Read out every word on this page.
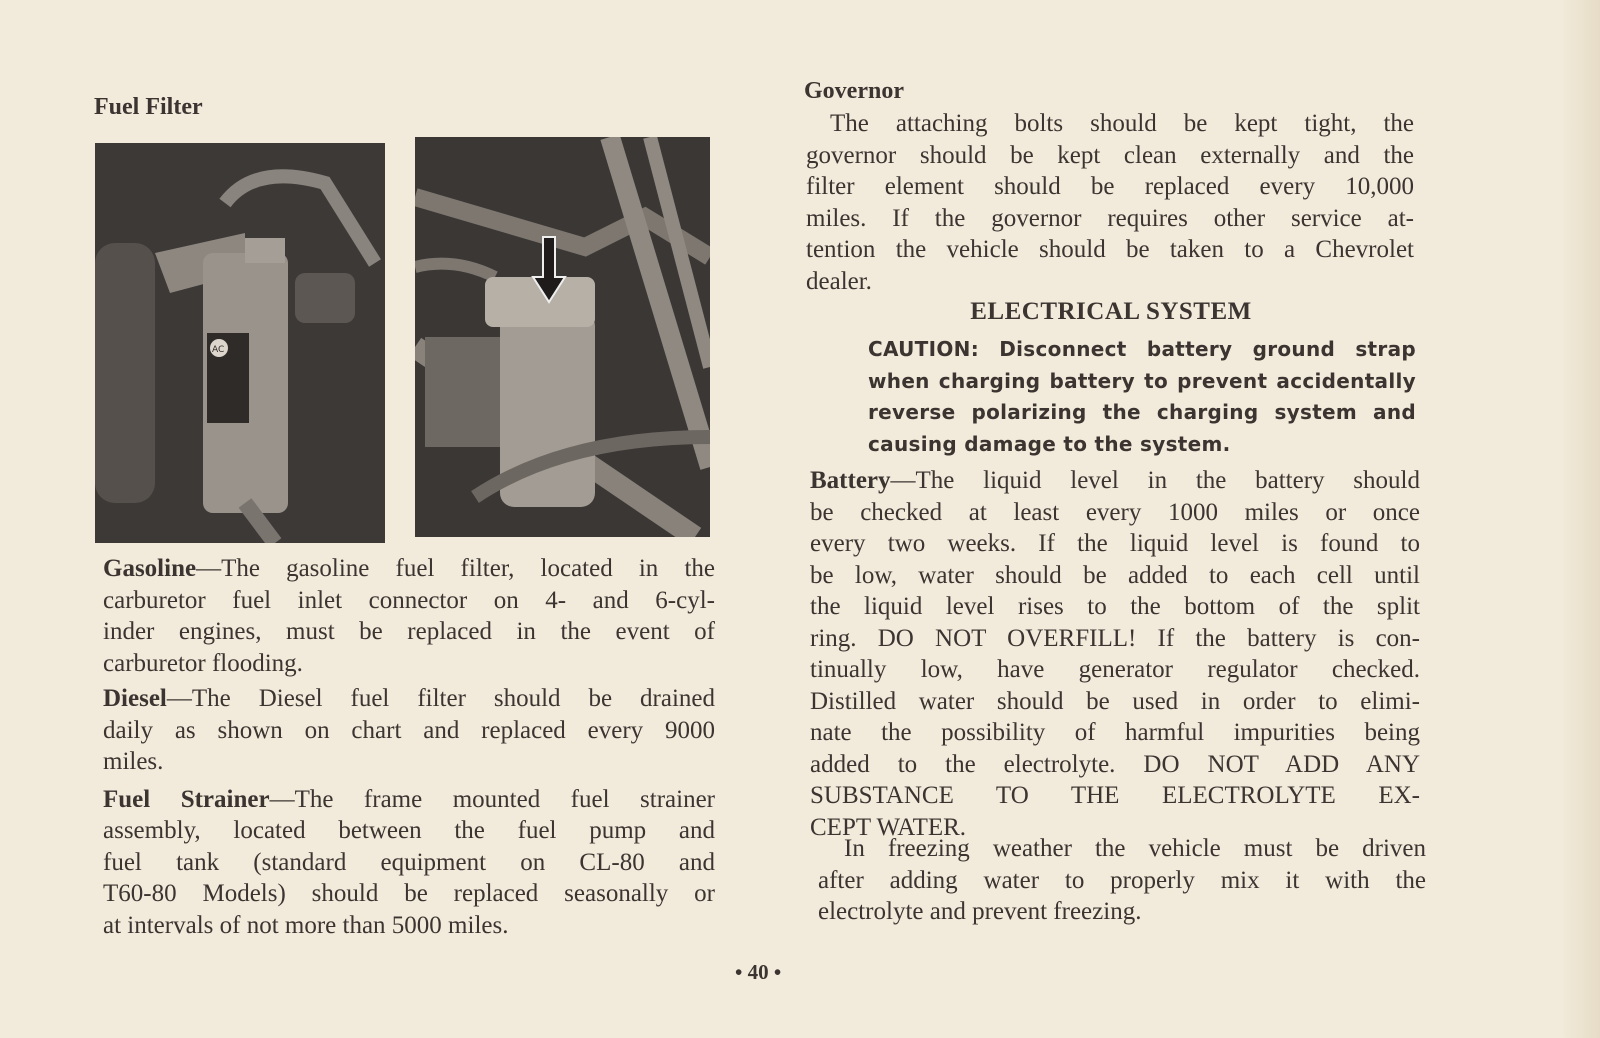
Fuel Filter
AC
Gasoline—The gasoline fuel filter, located in the
carburetor fuel inlet connector on 4- and 6-cyl-
inder engines, must be replaced in the event of
carburetor flooding.
Diesel—The Diesel fuel filter should be drained
daily as shown on chart and replaced every 9000
miles.
Fuel Strainer—The frame mounted fuel strainer
assembly, located between the fuel pump and
fuel tank (standard equipment on CL-80 and
T60-80 Models) should be replaced seasonally or
at intervals of not more than 5000 miles.
Governor
The attaching bolts should be kept tight, the
governor should be kept clean externally and the
filter element should be replaced every 10,000
miles. If the governor requires other service at-
tention the vehicle should be taken to a Chevrolet
dealer.
ELECTRICAL SYSTEM
CAUTION: Disconnect battery ground strap
when charging battery to prevent accidentally
reverse polarizing the charging system and
causing damage to the system.
Battery—The liquid level in the battery should
be checked at least every 1000 miles or once
every two weeks. If the liquid level is found to
be low, water should be added to each cell until
the liquid level rises to the bottom of the split
ring. DO NOT OVERFILL! If the battery is con-
tinually low, have generator regulator checked.
Distilled water should be used in order to elimi-
nate the possibility of harmful impurities being
added to the electrolyte. DO NOT ADD ANY
SUBSTANCE TO THE ELECTROLYTE EX-
CEPT WATER.
In freezing weather the vehicle must be driven
after adding water to properly mix it with the
electrolyte and prevent freezing.
• 40 •
